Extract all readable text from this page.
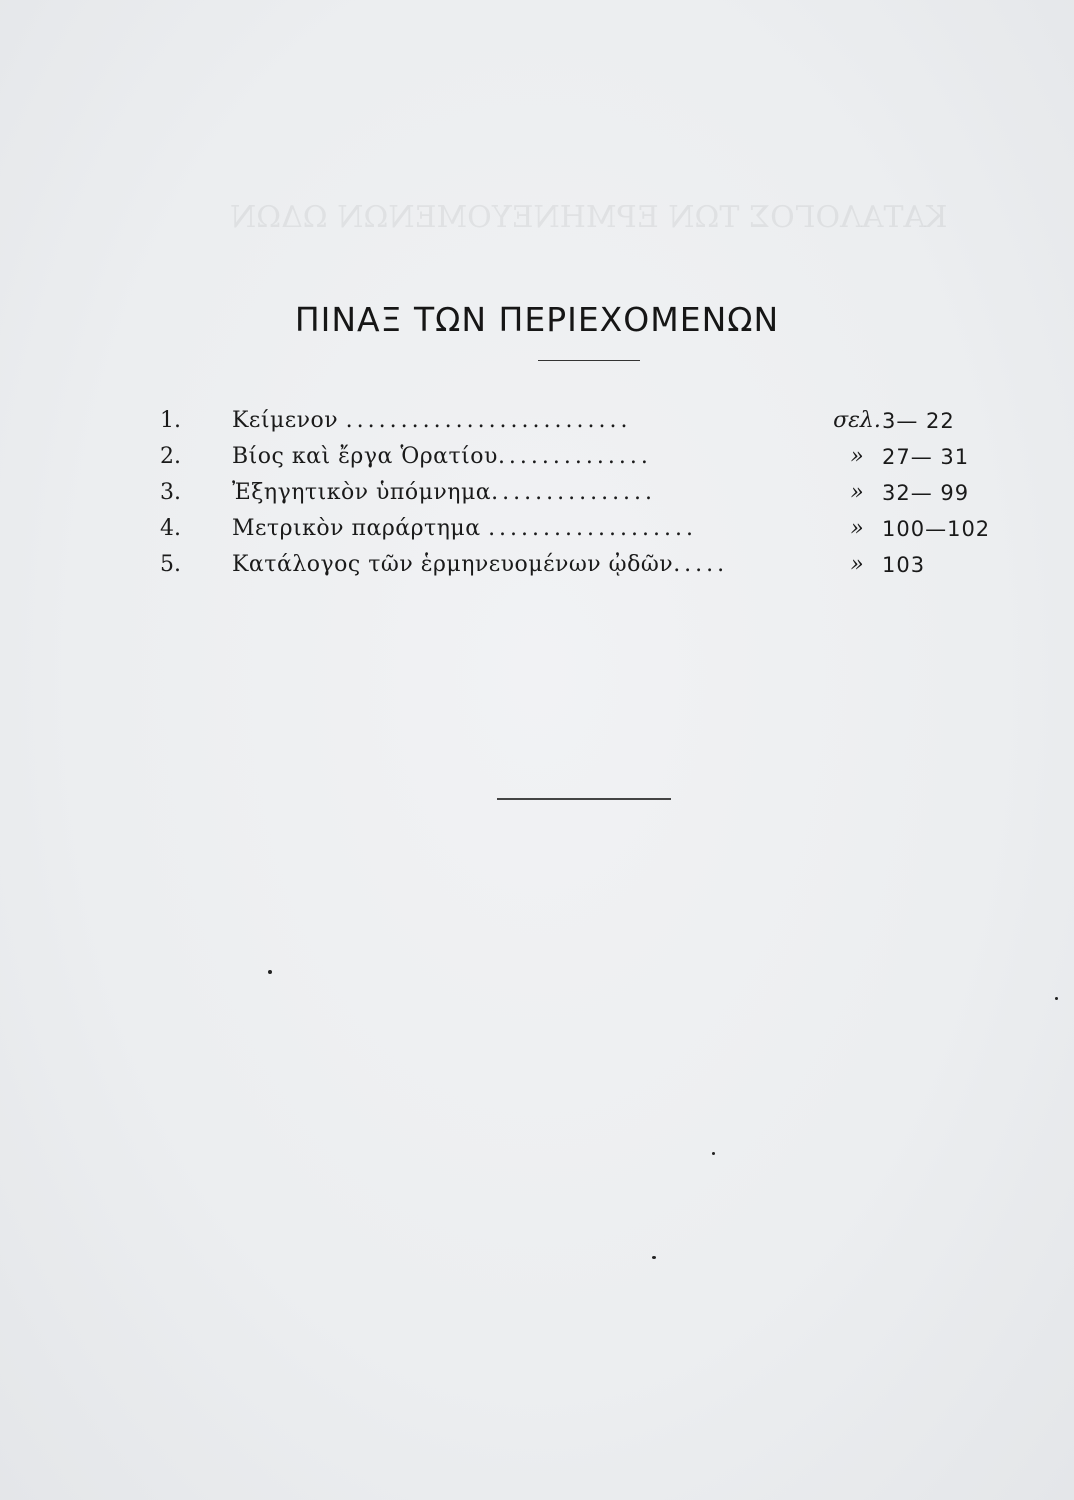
ΚΑΤΑΛΟΓΟΣ ΤΩΝ ΕΡΜΗΝΕΥΟΜΕΝΩΝ ΩΔΩΝ
ΠΙΝΑΞ ΤΩΝ ΠΕΡΙΕΧΟΜΕΝΩΝ
1. Κείμενον ..........................	σελ. 3— 22
2. Βίος καὶ ἔργα Ὁρατίου..............	» 27— 31
3. Ἐξηγητικὸν ὑπόμνημα...............	» 32— 99
4. Μετρικὸν παράρτημα ...................	» 100—102
5. Κατάλογος τῶν ἑρμηνευομένων ᾠδῶν.....	» 103
